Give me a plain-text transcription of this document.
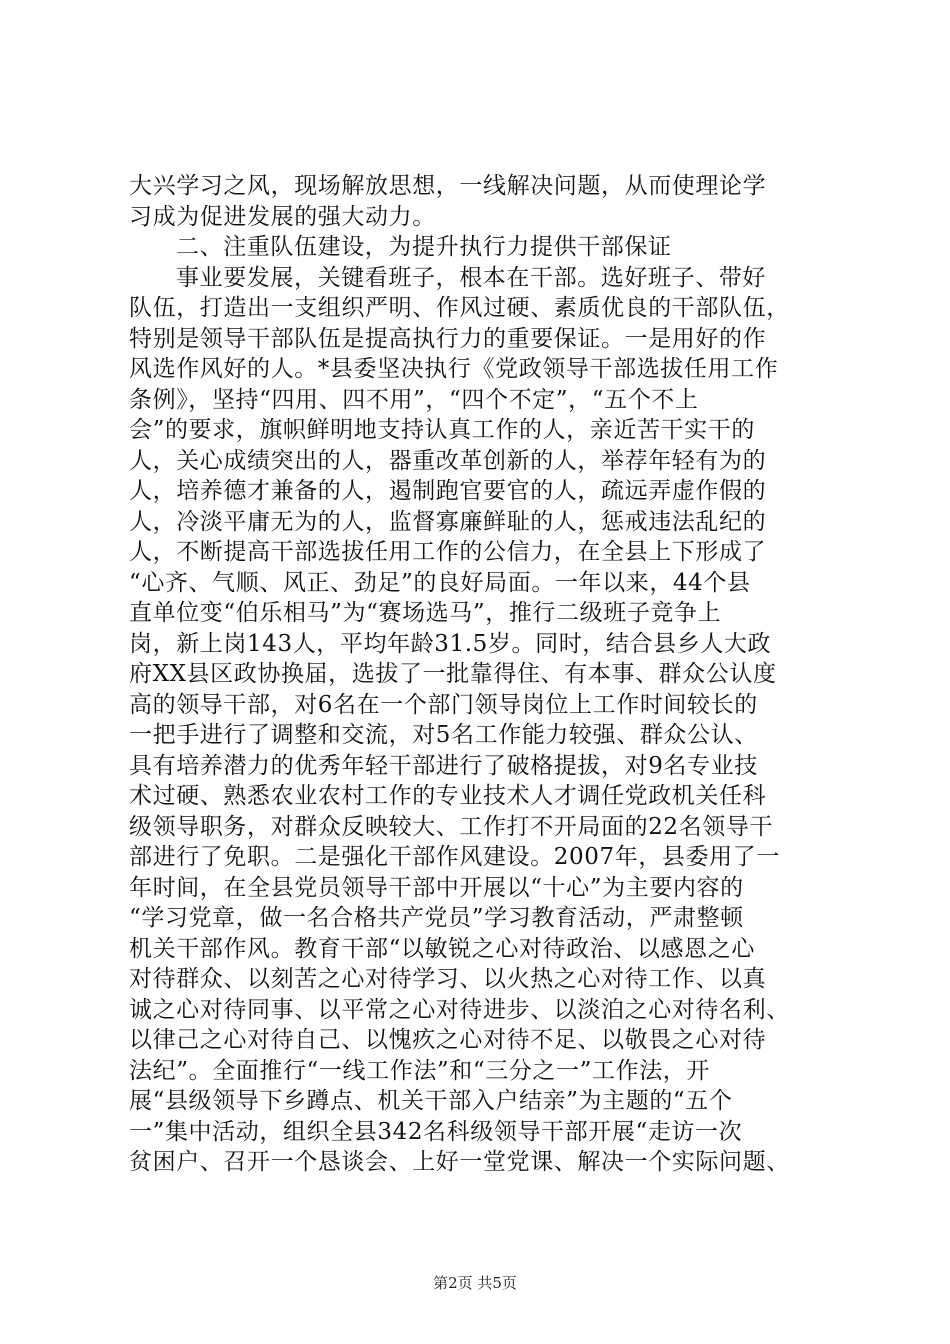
大兴学习之风，现场解放思想，一线解决问题，从而使理论学
习成为促进发展的强大动力。
二、注重队伍建设，为提升执行力提供干部保证
事业要发展，关键看班子，根本在干部。选好班子、带好
队伍，打造出一支组织严明、作风过硬、素质优良的干部队伍，
特别是领导干部队伍是提高执行力的重要保证。一是用好的作
风选作风好的人。*县委坚决执行《党政领导干部选拔任用工作
条例》，坚持“四用、四不用”，“四个不定”，“五个不上
会”的要求，旗帜鲜明地支持认真工作的人，亲近苦干实干的
人，关心成绩突出的人，器重改革创新的人，举荐年轻有为的
人，培养德才兼备的人，遏制跑官要官的人，疏远弄虚作假的
人，冷淡平庸无为的人，监督寡廉鲜耻的人，惩戒违法乱纪的
人，不断提高干部选拔任用工作的公信力，在全县上下形成了
“心齐、气顺、风正、劲足”的良好局面。一年以来，44个县
直单位变“伯乐相马”为“赛场选马”，推行二级班子竞争上
岗，新上岗143人，平均年龄31.5岁。同时，结合县乡人大政
府XX县区政协换届，选拔了一批靠得住、有本事、群众公认度
高的领导干部，对6名在一个部门领导岗位上工作时间较长的
一把手进行了调整和交流，对5名工作能力较强、群众公认、
具有培养潜力的优秀年轻干部进行了破格提拔，对9名专业技
术过硬、熟悉农业农村工作的专业技术人才调任党政机关任科
级领导职务，对群众反映较大、工作打不开局面的22名领导干
部进行了免职。二是强化干部作风建设。2007年，县委用了一
年时间，在全县党员领导干部中开展以“十心”为主要内容的
“学习党章，做一名合格共产党员”学习教育活动，严肃整顿
机关干部作风。教育干部“以敏锐之心对待政治、以感恩之心
对待群众、以刻苦之心对待学习、以火热之心对待工作、以真
诚之心对待同事、以平常之心对待进步、以淡泊之心对待名利、
以律己之心对待自己、以愧疚之心对待不足、以敬畏之心对待
法纪”。全面推行“一线工作法”和“三分之一”工作法，开
展“县级领导下乡蹲点、机关干部入户结亲”为主题的“五个
一”集中活动，组织全县342名科级领导干部开展“走访一次
贫困户、召开一个恳谈会、上好一堂党课、解决一个实际问题、
第2页 共5页
